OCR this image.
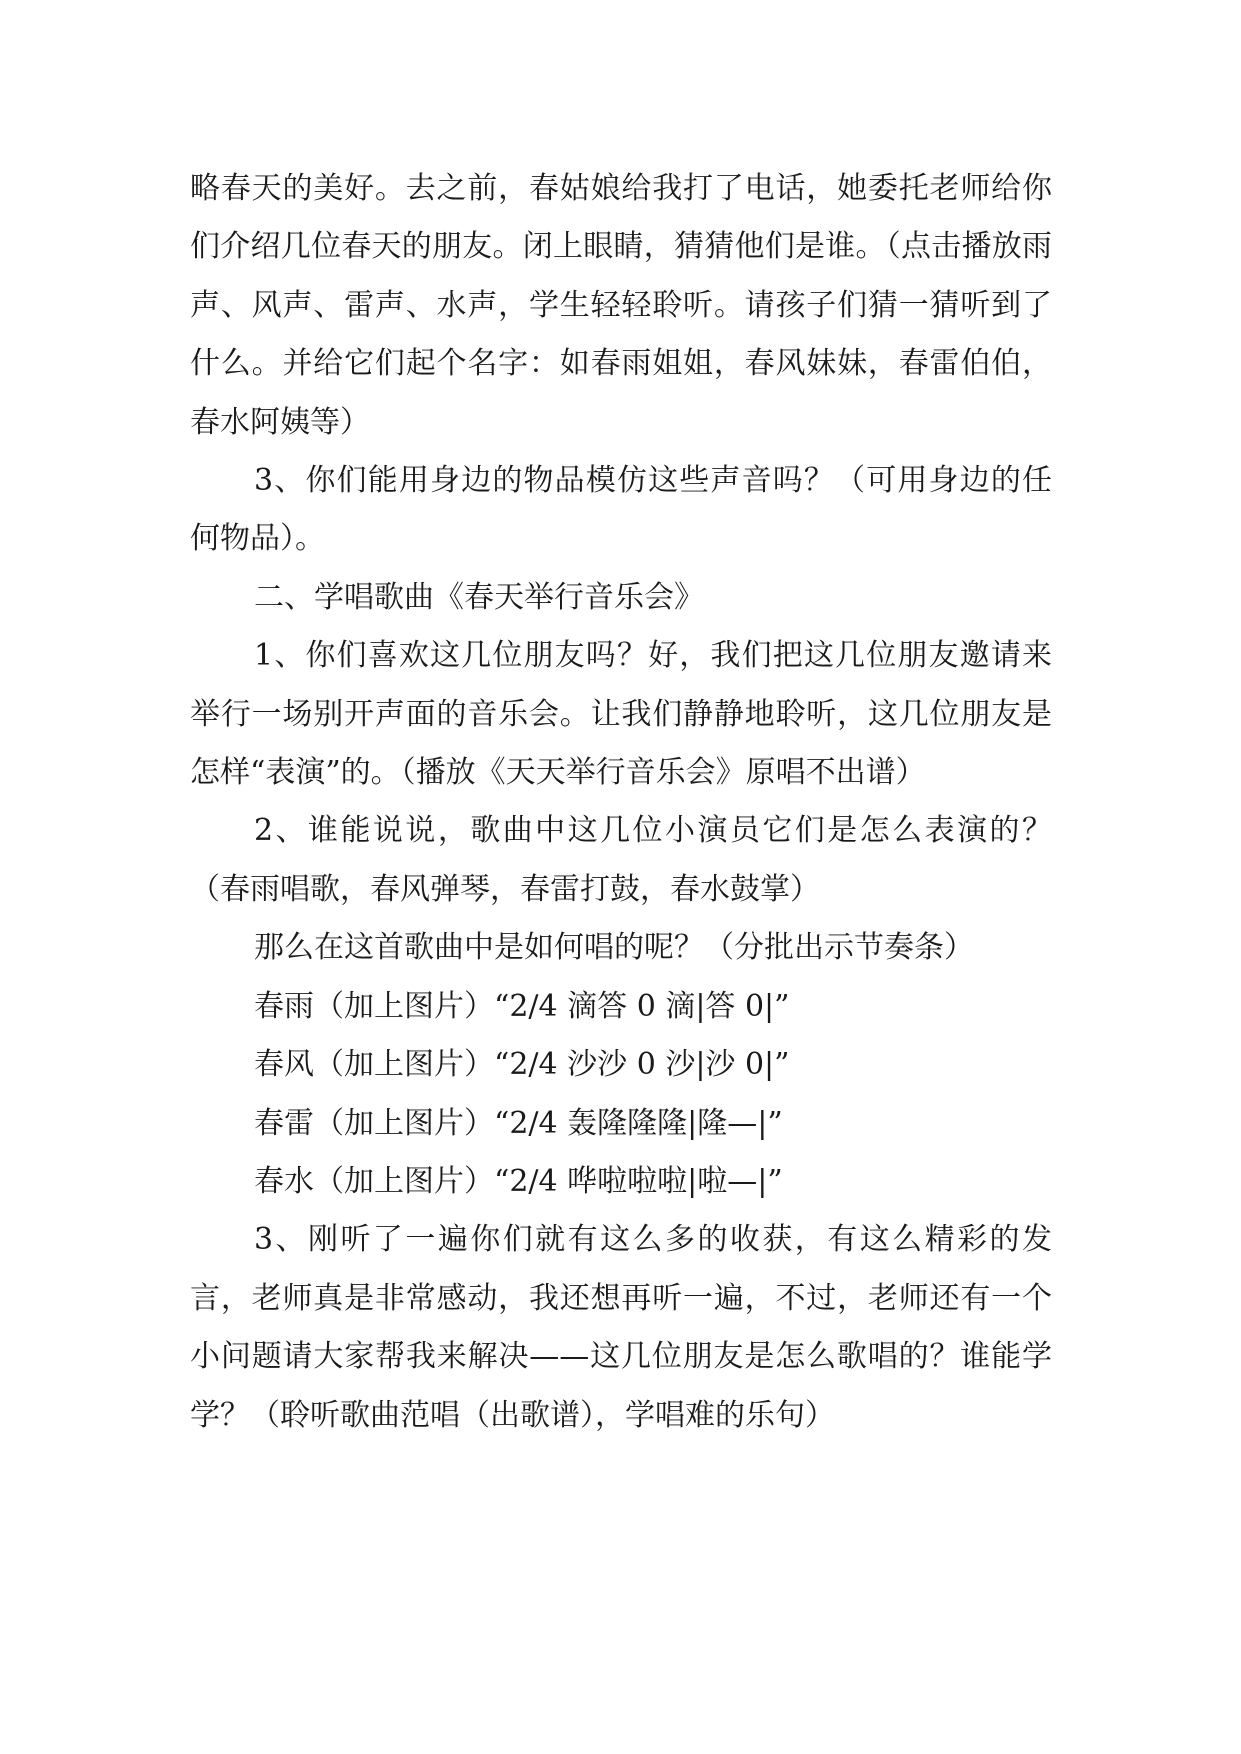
略春天的美好。去之前，春姑娘给我打了电话，她委托老师给你们介绍几位春天的朋友。闭上眼睛，猜猜他们是谁。（点击播放雨声、风声、雷声、水声，学生轻轻聆听。请孩子们猜一猜听到了什么。并给它们起个名字：如春雨姐姐，春风妹妹，春雷伯伯，春水阿姨等）

3、你们能用身边的物品模仿这些声音吗？（可用身边的任何物品）。

二、学唱歌曲《春天举行音乐会》

1、你们喜欢这几位朋友吗？好，我们把这几位朋友邀请来举行一场别开声面的音乐会。让我们静静地聆听，这几位朋友是怎样“表演”的。（播放《天天举行音乐会》原唱不出谱）

2、谁能说说，歌曲中这几位小演员它们是怎么表演的？（春雨唱歌，春风弹琴，春雷打鼓，春水鼓掌）

那么在这首歌曲中是如何唱的呢？（分批出示节奏条）

春雨（加上图片）“2/4 滴答 0 滴|答 0|”

春风（加上图片）“2/4 沙沙 0 沙|沙 0|”

春雷（加上图片）“2/4 轰隆隆隆|隆—|”

春水（加上图片）“2/4 哗啦啦啦|啦—|”

3、刚听了一遍你们就有这么多的收获，有这么精彩的发言，老师真是非常感动，我还想再听一遍，不过，老师还有一个小问题请大家帮我来解决——这几位朋友是怎么歌唱的？谁能学学？（聆听歌曲范唱（出歌谱），学唱难的乐句）
